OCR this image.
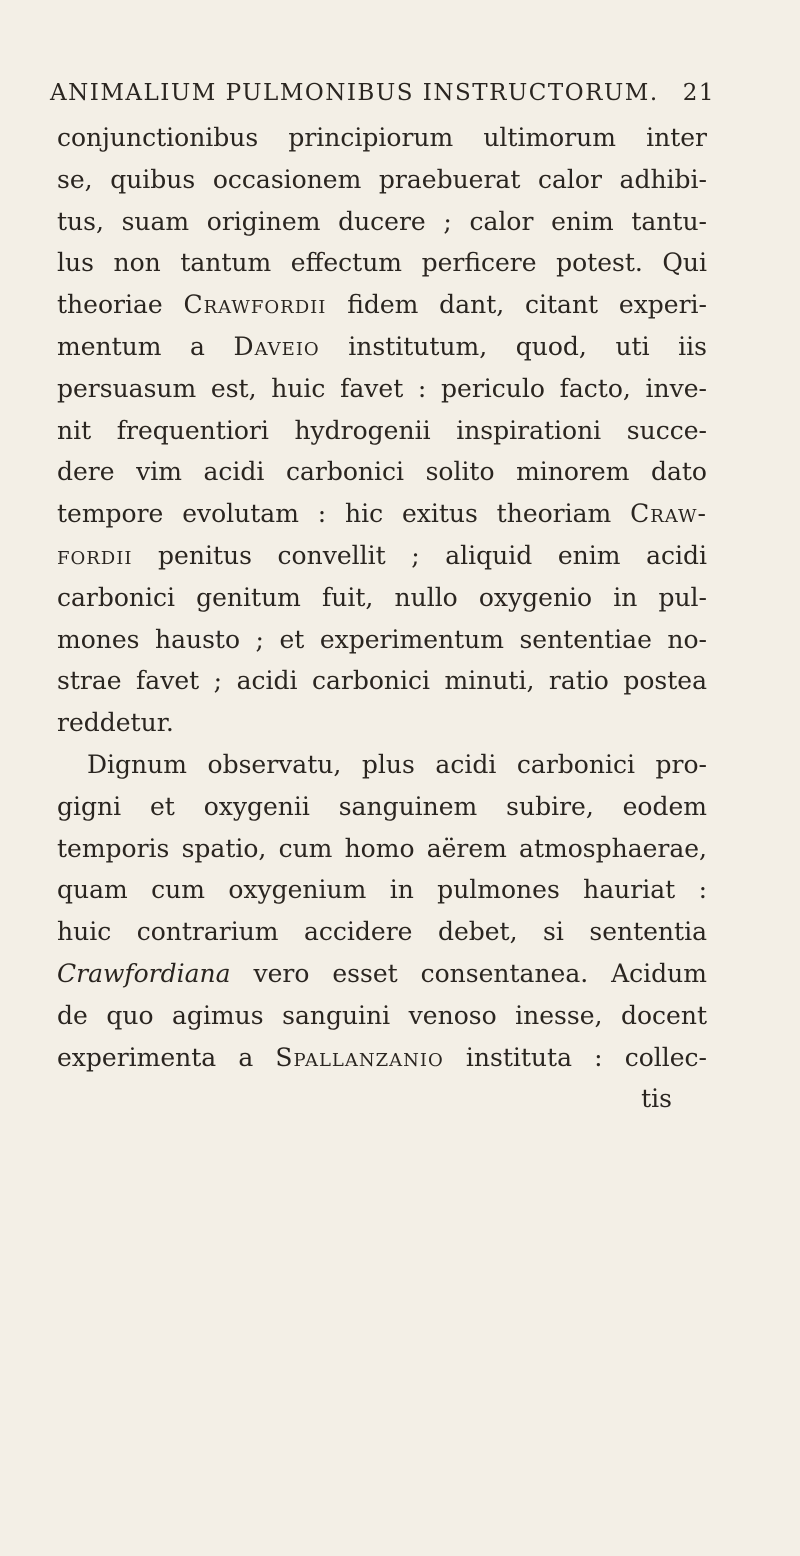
ANIMALIUM PULMONIBUS INSTRUCTORUM. 21
conjunctionibus principiorum ultimorum inter
se, quibus occasionem praebuerat calor adhibi-
tus, suam originem ducere ; calor enim tantu-
lus non tantum effectum perficere potest. Qui
theoriae Crawfordii fidem dant, citant experi-
mentum a Daveio institutum, quod, uti iis
persuasum est, huic favet : periculo facto, inve-
nit frequentiori hydrogenii inspirationi succe-
dere vim acidi carbonici solito minorem dato
tempore evolutam : hic exitus theoriam Craw-
fordii penitus convellit ; aliquid enim acidi
carbonici genitum fuit, nullo oxygenio in pul-
mones hausto ; et experimentum sententiae no-
strae favet ; acidi carbonici minuti, ratio postea
reddetur.
Dignum observatu, plus acidi carbonici pro-
gigni et oxygenii sanguinem subire, eodem
temporis spatio, cum homo aërem atmosphaerae,
quam cum oxygenium in pulmones hauriat :
huic contrarium accidere debet, si sententia
Crawfordiana vero esset consentanea. Acidum
de quo agimus sanguini venoso inesse, docent
experimenta a Spallanzanio instituta : collec-
tis
